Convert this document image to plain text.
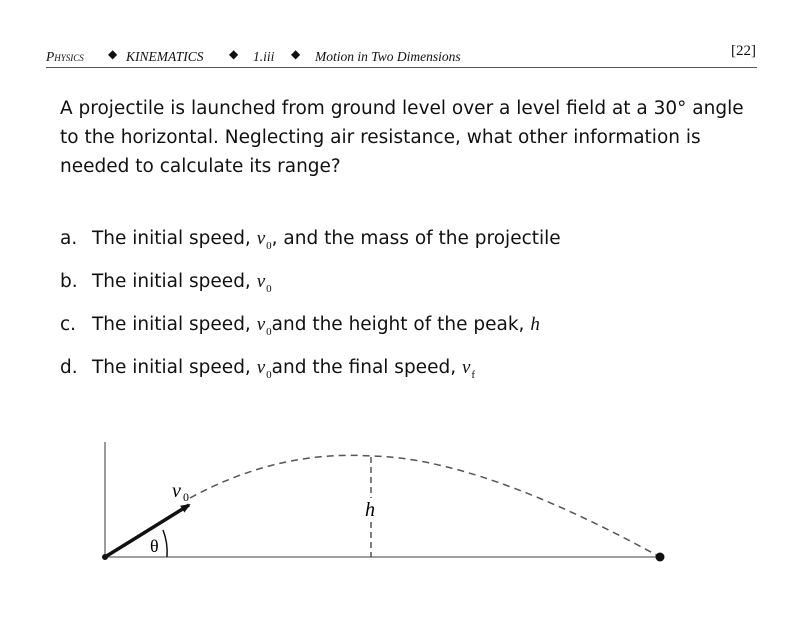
Physics ◆ KINEMATICS ◆ 1.iii ◆ Motion in Two Dimensions	[22]
A projectile is launched from ground level over a level field at a 30° angle
to the horizontal. Neglecting air resistance, what other information is
needed to calculate its range?
a. The initial speed, $v_0$, and the mass of the projectile
b. The initial speed, $v_0$
c. The initial speed, $v_0and$ the height of the peak, h
d. The initial speed, $v_0and$ the final speed, $v_f$
v 0
h
θ
